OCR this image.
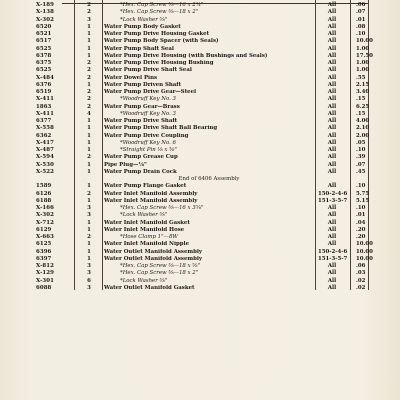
X-189	2	*Hex. Cap Screw ⅜—16 x 2¾"	All	.06
X-138	2	*Hex. Cap Screw ⅜—18 x 2"	All	.07
X-302	3	*Lock Washer ⅜"	All	.01
6520	1	Water Pump Body Gasket	All	.08
6521	1	Water Pump Drive Housing Gasket	All	.10
6517	1	Water Pump Body Spacer (with Seals)	All	10.00
6525	1	Water Pump Shaft Seal	All	1.00
6378	1	Water Pump Drive Housing (with Bushings and Seals)	All	17.50
6375	2	Water Pump Drive Housing Bushing	All	1.00
6525	2	Water Pump Drive Shaft Seal	All	1.00
X-484	2	Water Dowel Pins	All	.55
6376	1	Water Pump Driven Shaft	All	2.15
6519	2	Water Pump Drive Gear—Steel	All	3.40
X-411	2	*Woodruff Key No. 3	All	.15
1863	2	Water Pump Gear—Brass	All	6.25
X-411	4	*Woodruff Key No. 3	All	.15
6377	1	Water Pump Drive Shaft	All	4.00
X-558	1	Water Pump Drive Shaft Ball Bearing	All	2.10
6362	1	Water Pump Drive Coupling	All	2.00
X-417	1	*Woodruff Key No. 6	All	.05
X-487	1	*Straight Pin ⅛ x ⅝"	All	.10
X-594	2	Water Pump Grease Cup	All	.39
X-530	1	Pipe Plug—⅛"	All	.07
X-522	1	Water Pump Drain Cock	All	.45
End of 6406 Assembly
1589	1	Water Pump Flange Gasket	All	.10
6126	2	Water Inlet Manifold Assembly	150-2-4-6 5.75
6188	1	Water Inlet Manifold Assembly	151-3-5-7 5.15
X-166	3	*Hex. Cap Screw ⅜—16 x 3⅝"	All	.10
X-302	3	*Lock Washer ⅜"	All	.01
X-712	1	Water Inlet Manifold Gasket	All	.04
6129	1	Water Inlet Manifold Hose	All	.20
X-663	2	*Hose Clamp 1"—8W	All	.20
6125	1	Water Inlet Manifold Nipple	All	10.00
6396	1	Water Outlet Manifold Assembly	150-2-4-6 10.00
6397	1	Water Outlet Manifold Assembly	151-3-5-7 10.00
X-812	3	*Hex. Cap Screw ⅜—18 x ⅝"	All	.06
X-129	3	*Hex. Cap Screw ⅜—18 x 2"	All	.03
X-301	6	*Lock Washer ⅜"	All	.02
6088	3	Water Outlet Manifold Gasket	All	.02
